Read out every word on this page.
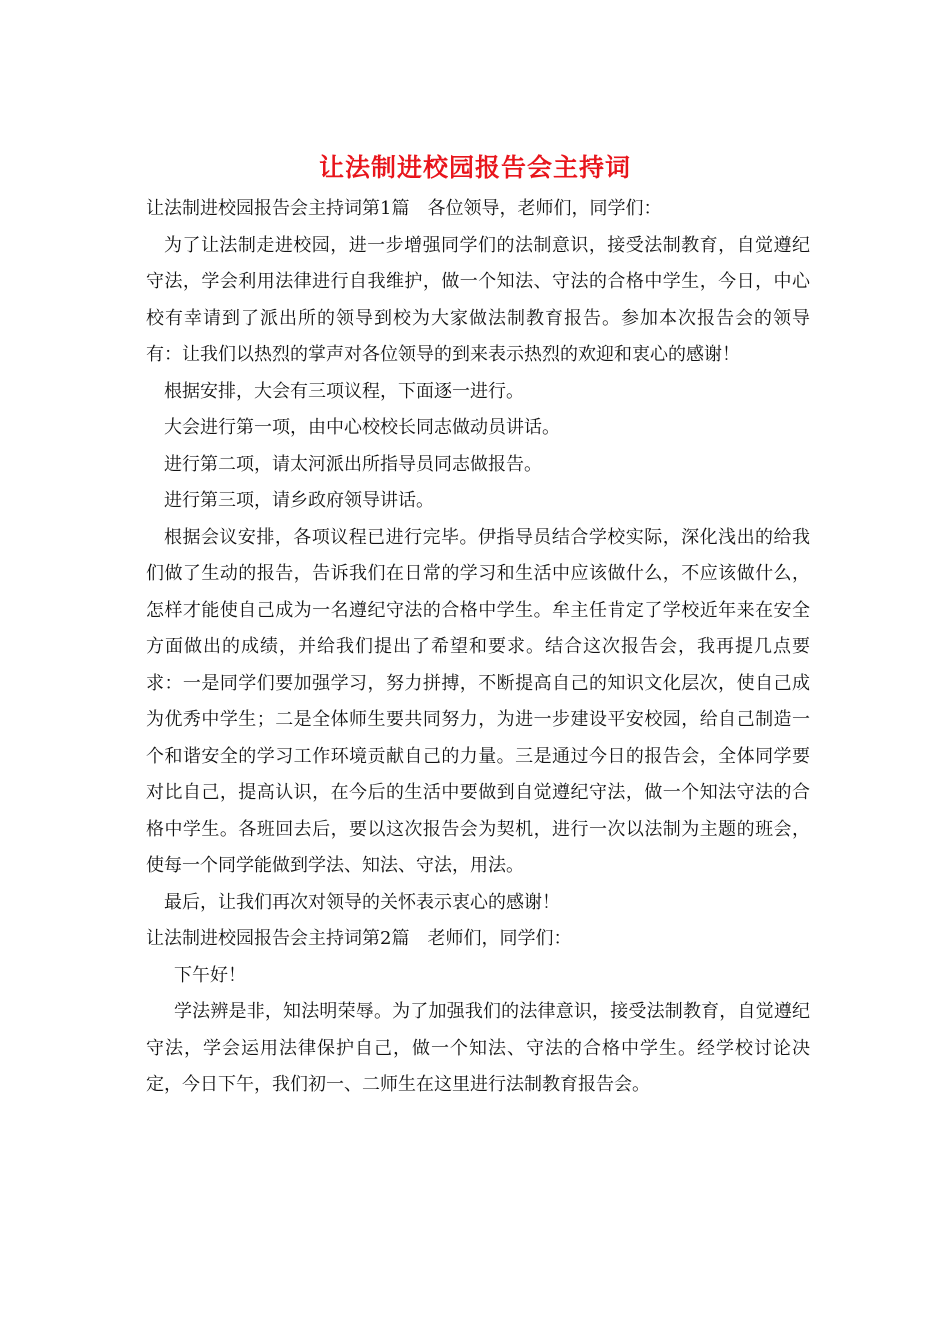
让法制进校园报告会主持词

让法制进校园报告会主持词第1篇　各位领导，老师们，同学们：

为了让法制走进校园，进一步增强同学们的法制意识，接受法制教育，自觉遵纪守法，学会利用法律进行自我维护，做一个知法、守法的合格中学生，今日，中心校有幸请到了派出所的领导到校为大家做法制教育报告。参加本次报告会的领导有：让我们以热烈的掌声对各位领导的到来表示热烈的欢迎和衷心的感谢！

根据安排，大会有三项议程，下面逐一进行。

大会进行第一项，由中心校校长同志做动员讲话。

进行第二项，请太河派出所指导员同志做报告。

进行第三项，请乡政府领导讲话。

根据会议安排，各项议程已进行完毕。伊指导员结合学校实际，深化浅出的给我们做了生动的报告，告诉我们在日常的学习和生活中应该做什么，不应该做什么，怎样才能使自己成为一名遵纪守法的合格中学生。牟主任肯定了学校近年来在安全方面做出的成绩，并给我们提出了希望和要求。结合这次报告会，我再提几点要求：一是同学们要加强学习，努力拼搏，不断提高自己的知识文化层次，使自己成为优秀中学生；二是全体师生要共同努力，为进一步建设平安校园，给自己制造一个和谐安全的学习工作环境贡献自己的力量。三是通过今日的报告会，全体同学要对比自己，提高认识，在今后的生活中要做到自觉遵纪守法，做一个知法守法的合格中学生。各班回去后，要以这次报告会为契机，进行一次以法制为主题的班会，使每一个同学能做到学法、知法、守法，用法。

最后，让我们再次对领导的关怀表示衷心的感谢！

让法制进校园报告会主持词第2篇　老师们，同学们：

下午好！

学法辨是非，知法明荣辱。为了加强我们的法律意识，接受法制教育，自觉遵纪守法，学会运用法律保护自己，做一个知法、守法的合格中学生。经学校讨论决定，今日下午，我们初一、二师生在这里进行法制教育报告会。
